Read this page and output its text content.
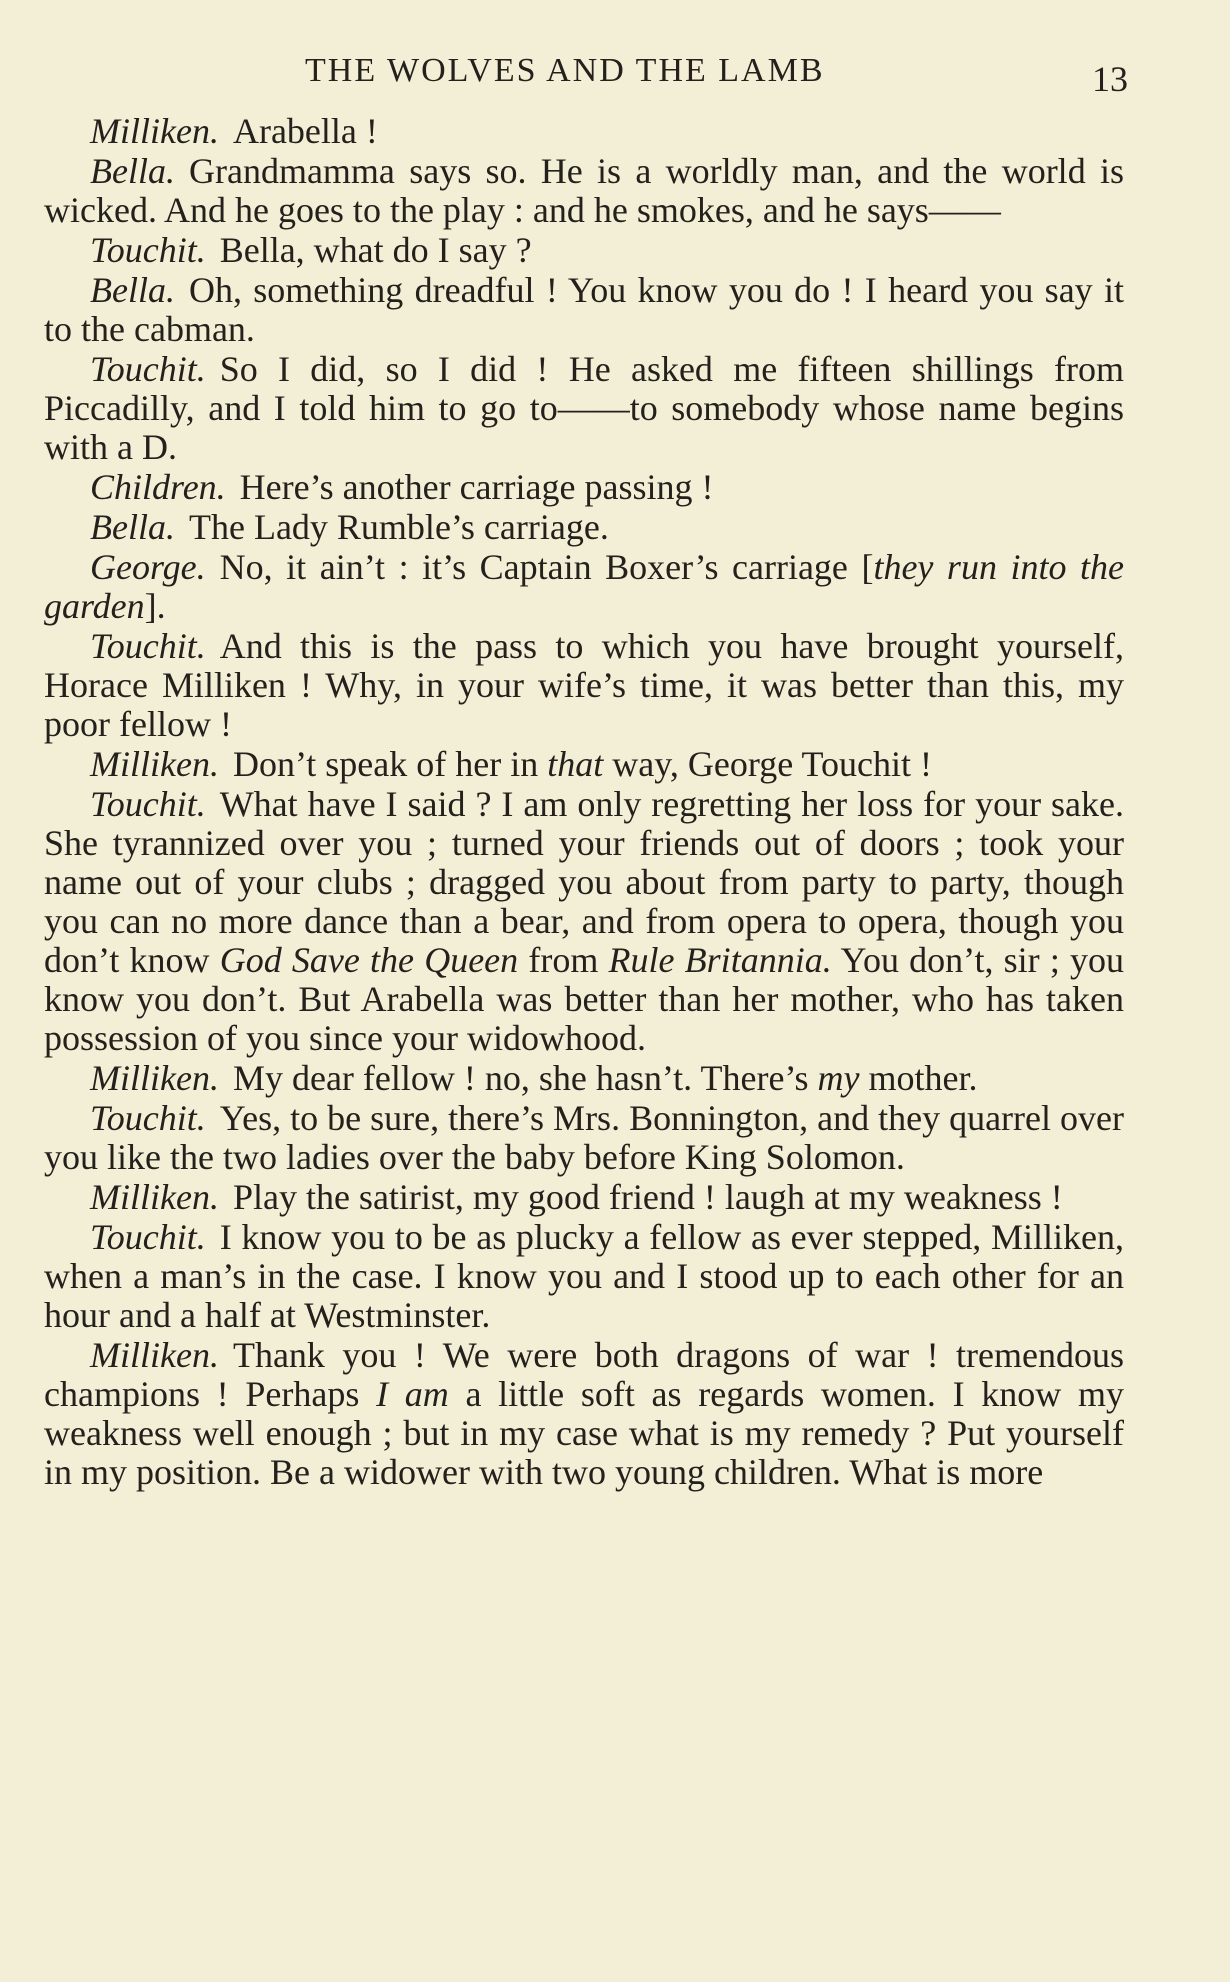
THE WOLVES AND THE LAMB	13

Milliken. Arabella !

Bella. Grandmamma says so. He is a worldly man, and the world is wicked. And he goes to the play : and he smokes, and he says——

Touchit. Bella, what do I say ?

Bella. Oh, something dreadful ! You know you do ! I heard you say it to the cabman.

Touchit. So I did, so I did ! He asked me fifteen shillings from Piccadilly, and I told him to go to——to somebody whose name begins with a D.

Children. Here’s another carriage passing !

Bella. The Lady Rumble’s carriage.

George. No, it ain’t : it’s Captain Boxer’s carriage [they run into the garden].

Touchit. And this is the pass to which you have brought yourself, Horace Milliken ! Why, in your wife’s time, it was better than this, my poor fellow !

Milliken. Don’t speak of her in that way, George Touchit !

Touchit. What have I said ? I am only regretting her loss for your sake. She tyrannized over you ; turned your friends out of doors ; took your name out of your clubs ; dragged you about from party to party, though you can no more dance than a bear, and from opera to opera, though you don’t know God Save the Queen from Rule Britannia. You don’t, sir ; you know you don’t. But Arabella was better than her mother, who has taken possession of you since your widowhood.

Milliken. My dear fellow ! no, she hasn’t. There’s my mother.

Touchit. Yes, to be sure, there’s Mrs. Bonnington, and they quarrel over you like the two ladies over the baby before King Solomon.

Milliken. Play the satirist, my good friend ! laugh at my weakness !

Touchit. I know you to be as plucky a fellow as ever stepped, Milliken, when a man’s in the case. I know you and I stood up to each other for an hour and a half at Westminster.

Milliken. Thank you ! We were both dragons of war ! tremendous champions ! Perhaps I am a little soft as regards women. I know my weakness well enough ; but in my case what is my remedy ? Put yourself in my position. Be a widower with two young children. What is more
